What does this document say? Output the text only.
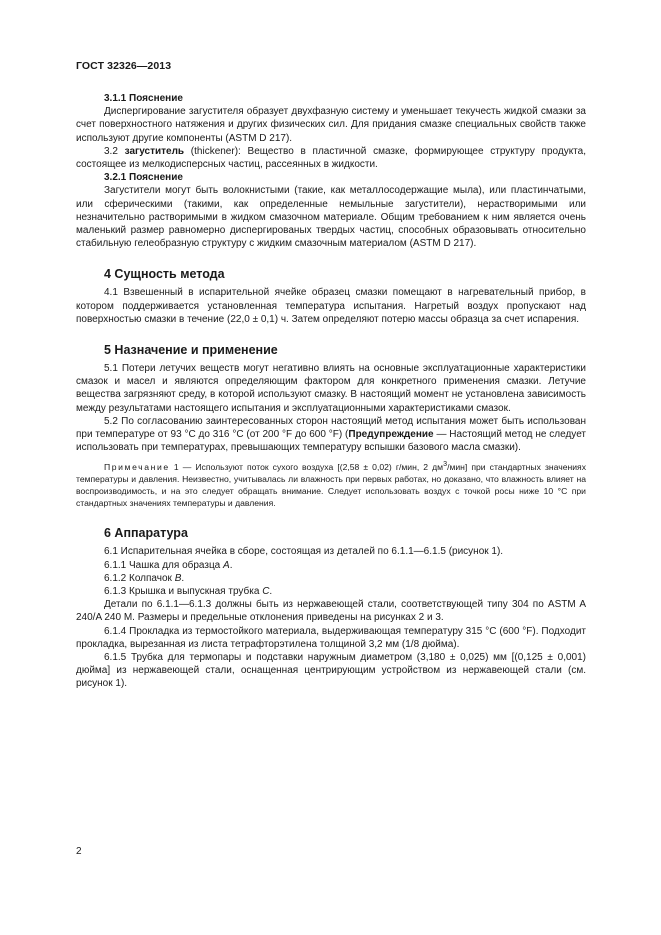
ГОСТ 32326—2013

3.1.1 Пояснение

Диспергирование загустителя образует двухфазную систему и уменьшает текучесть жидкой смазки за счет поверхностного натяжения и других физических сил. Для придания смазке специальных свойств также используют другие компоненты (ASTM D 217).

3.2 загуститель (thickener): Вещество в пластичной смазке, формирующее структуру продукта, состоящее из мелкодисперсных частиц, рассеянных в жидкости.

3.2.1 Пояснение

Загустители могут быть волокнистыми (такие, как металлосодержащие мыла), или пластинчатыми, или сферическими (такими, как определенные немыльные загустители), нерастворимыми или незначительно растворимыми в жидком смазочном материале. Общим требованием к ним является очень маленький размер равномерно диспергированых твердых частиц, способных образовывать относительно стабильную гелеобразную структуру с жидким смазочным материалом (ASTM D 217).

4 Сущность метода

4.1 Взвешенный в испарительной ячейке образец смазки помещают в нагревательный прибор, в котором поддерживается установленная температура испытания. Нагретый воздух пропускают над поверхностью смазки в течение (22,0 ± 0,1) ч. Затем определяют потерю массы образца за счет испарения.

5 Назначение и применение

5.1 Потери летучих веществ могут негативно влиять на основные эксплуатационные характеристики смазок и масел и являются определяющим фактором для конкретного применения смазки. Летучие вещества загрязняют среду, в которой используют смазку. В настоящий момент не установлена зависимость между результатами настоящего испытания и эксплуатационными характеристиками смазок.

5.2 По согласованию заинтересованных сторон настоящий метод испытания может быть использован при температуре от 93 °С до 316 °С (от 200 °F до 600 °F) (Предупреждение — Настоящий метод не следует использовать при температурах, превышающих температуру вспышки базового масла смазки).

Примечание 1 — Используют поток сухого воздуха [(2,58 ± 0,02) г/мин, 2 $дм^3/мин$] при стандартных значениях температуры и давления. Неизвестно, учитывалась ли влажность при первых работах, но доказано, что влажность влияет на воспроизводимость, и на это следует обращать внимание. Следует использовать воздух с точкой росы ниже 10 °С при стандартных значениях температуры и давления.

6 Аппаратура

6.1 Испарительная ячейка в сборе, состоящая из деталей по 6.1.1—6.1.5 (рисунок 1).

6.1.1 Чашка для образца А.

6.1.2 Колпачок В.

6.1.3 Крышка и выпускная трубка С.

Детали по 6.1.1—6.1.3 должны быть из нержавеющей стали, соответствующей типу 304 по ASTM A 240/A 240 M. Размеры и предельные отклонения приведены на рисунках 2 и 3.

6.1.4 Прокладка из термостойкого материала, выдерживающая температуру 315 °С (600 °F). Подходит прокладка, вырезанная из листа тетрафторэтилена толщиной 3,2 мм (1/8 дюйма).

6.1.5 Трубка для термопары и подставки наружным диаметром (3,180 ± 0,025) мм [(0,125 ± 0,001) дюйма] из нержавеющей стали, оснащенная центрирующим устройством из нержавеющей стали (см. рисунок 1).

2
